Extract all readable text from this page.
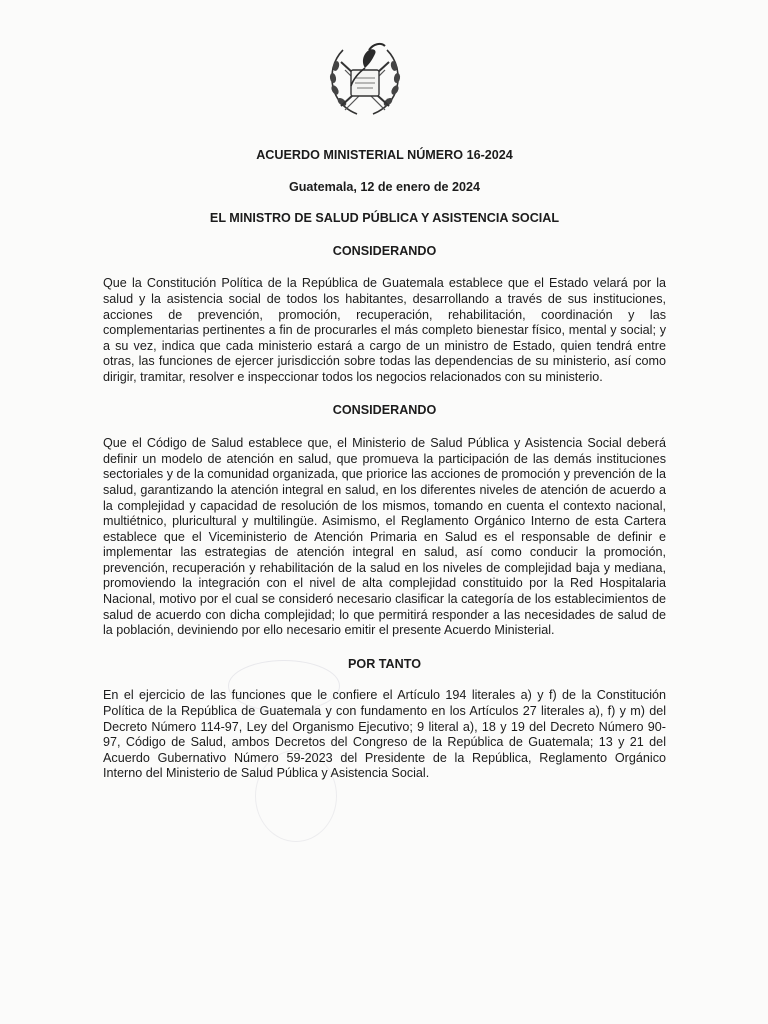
ACUERDO MINISTERIAL NÚMERO 16-2024

Guatemala, 12 de enero de 2024

EL MINISTRO DE SALUD PÚBLICA Y ASISTENCIA SOCIAL

CONSIDERANDO

Que la Constitución Política de la República de Guatemala establece que el Estado velará por la salud y la asistencia social de todos los habitantes, desarrollando a través de sus instituciones, acciones de prevención, promoción, recuperación, rehabilitación, coordinación y las complementarias pertinentes a fin de procurarles el más completo bienestar físico, mental y social; y a su vez, indica que cada ministerio estará a cargo de un ministro de Estado, quien tendrá entre otras, las funciones de ejercer jurisdicción sobre todas las dependencias de su ministerio, así como dirigir, tramitar, resolver e inspeccionar todos los negocios relacionados con su ministerio.

CONSIDERANDO

Que el Código de Salud establece que, el Ministerio de Salud Pública y Asistencia Social deberá definir un modelo de atención en salud, que promueva la participación de las demás instituciones sectoriales y de la comunidad organizada, que priorice las acciones de promoción y prevención de la salud, garantizando la atención integral en salud, en los diferentes niveles de atención de acuerdo a la complejidad y capacidad de resolución de los mismos, tomando en cuenta el contexto nacional, multiétnico, pluricultural y multilingüe. Asimismo, el Reglamento Orgánico Interno de esta Cartera establece que el Viceministerio de Atención Primaria en Salud es el responsable de definir e implementar las estrategias de atención integral en salud, así como conducir la promoción, prevención, recuperación y rehabilitación de la salud en los niveles de complejidad baja y mediana, promoviendo la integración con el nivel de alta complejidad constituido por la Red Hospitalaria Nacional, motivo por el cual se consideró necesario clasificar la categoría de los establecimientos de salud de acuerdo con dicha complejidad; lo que permitirá responder a las necesidades de salud de la población, deviniendo por ello necesario emitir el presente Acuerdo Ministerial.

POR TANTO

En el ejercicio de las funciones que le confiere el Artículo 194 literales a) y f) de la Constitución Política de la República de Guatemala y con fundamento en los Artículos 27 literales a), f) y m) del Decreto Número 114-97, Ley del Organismo Ejecutivo; 9 literal a), 18 y 19 del Decreto Número 90-97, Código de Salud, ambos Decretos del Congreso de la República de Guatemala; 13 y 21 del Acuerdo Gubernativo Número 59-2023 del Presidente de la República, Reglamento Orgánico Interno del Ministerio de Salud Pública y Asistencia Social.
